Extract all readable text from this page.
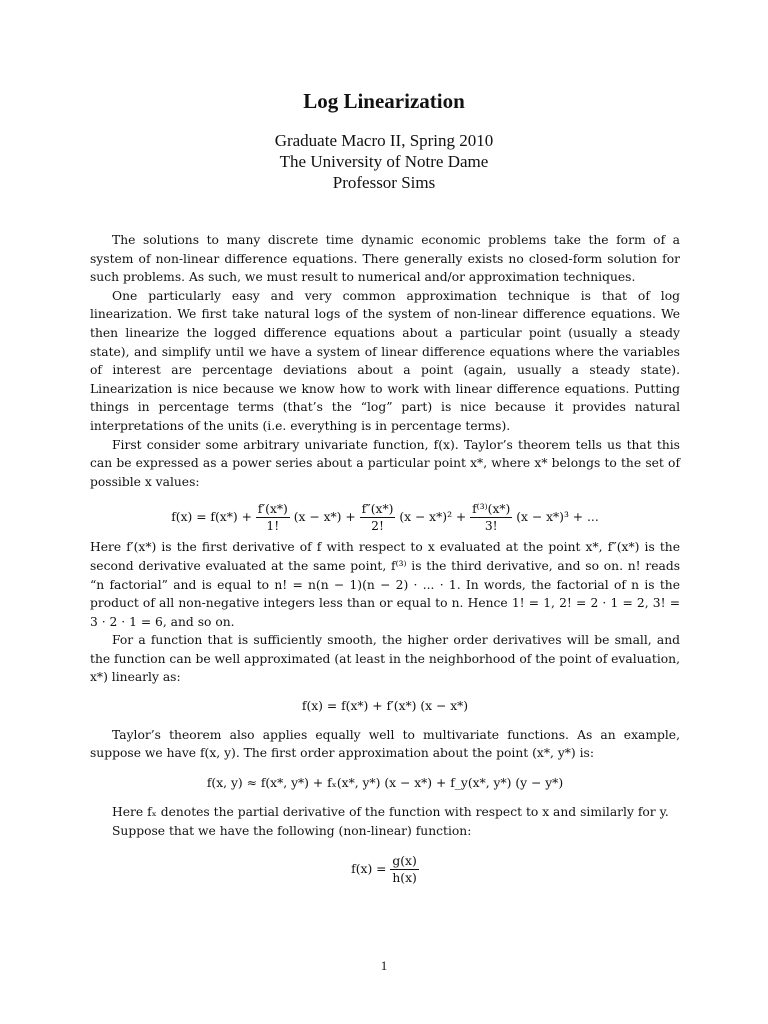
Log Linearization
Graduate Macro II, Spring 2010
The University of Notre Dame
Professor Sims

The solutions to many discrete time dynamic economic problems take the form of a system of non-linear difference equations. There generally exists no closed-form solution for such problems. As such, we must result to numerical and/or approximation techniques.

One particularly easy and very common approximation technique is that of log linearization. We first take natural logs of the system of non-linear difference equations. We then linearize the logged difference equations about a particular point (usually a steady state), and simplify until we have a system of linear difference equations where the variables of interest are percentage deviations about a point (again, usually a steady state). Linearization is nice because we know how to work with linear difference equations. Putting things in percentage terms (that’s the “log” part) is nice because it provides natural interpretations of the units (i.e. everything is in percentage terms).

First consider some arbitrary univariate function, f(x). Taylor’s theorem tells us that this can be expressed as a power series about a particular point x*, where x* belongs to the set of possible x values:

$f(x) = f(x*) + \frac{f'(x*)}{1!} (x - x*) + \frac{f''(x*)}{2!} (x - x*)^2 + \frac{\text{f⁽³⁾(x*)}}{3!} (x - x*)^3$ + ...

Here f′(x*) is the first derivative of f with respect to x evaluated at the point x*, f″(x*) is the second derivative evaluated at the same point, f⁽³⁾ is the third derivative, and so on. n! reads “n factorial” and is equal to n! = n(n − 1)(n − 2) · ... · 1. In words, the factorial of n is the product of all non-negative integers less than or equal to n. Hence 1! = 1, 2! = 2 · 1 = 2, 3! = 3 · 2 · 1 = 6, and so on.

For a function that is sufficiently smooth, the higher order derivatives will be small, and the function can be well approximated (at least in the neighborhood of the point of evaluation, x*) linearly as:

f(x) = f(x*) + f′(x*) (x − x*)

Taylor’s theorem also applies equally well to multivariate functions. As an example, suppose we have f(x, y). The first order approximation about the point (x*, y*) is:

f(x, y) ≈ f(x*, y*) + fₓ(x*, y*) (x − x*) + f_y(x*, y*) (y − y*)

Here fₓ denotes the partial derivative of the function with respect to x and similarly for y.

Suppose that we have the following (non-linear) function:

$f(x) = \frac{g(x)}{h(x)}$
1
